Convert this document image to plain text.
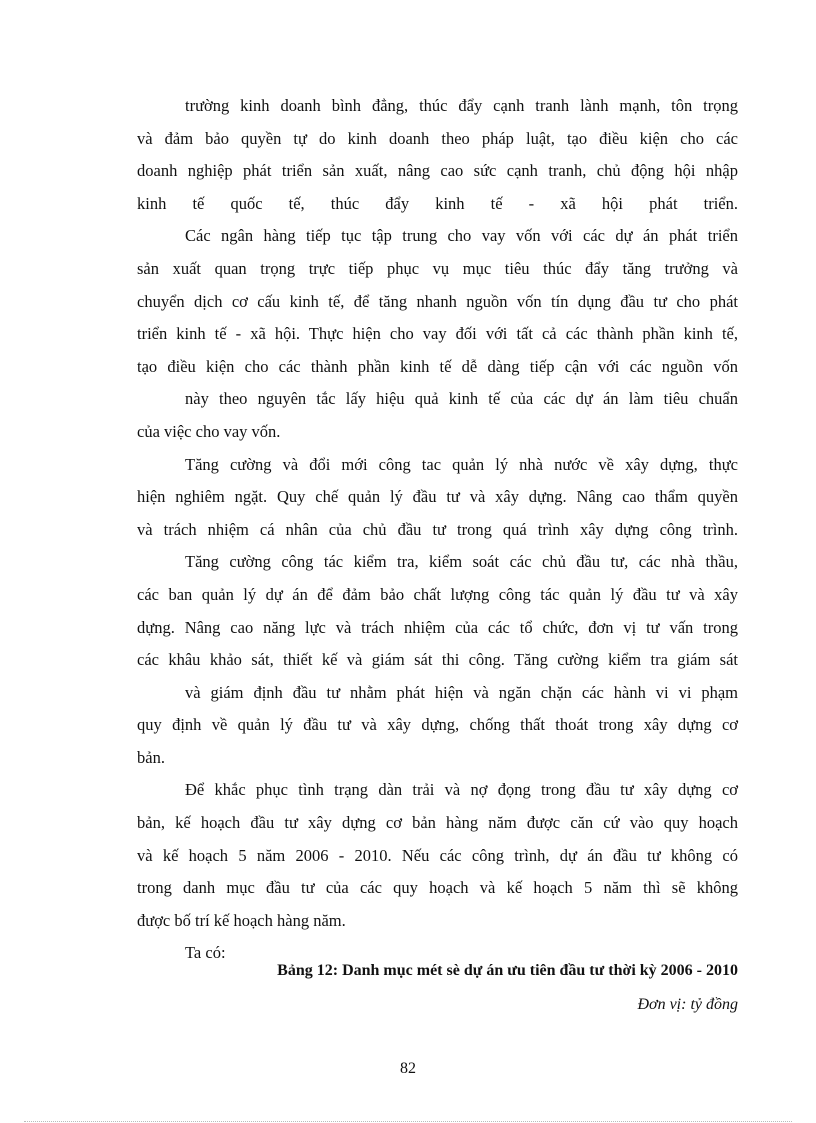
trường kinh doanh bình đẳng, thúc đẩy cạnh tranh lành mạnh, tôn trọng
và đảm bảo quyền tự do kinh doanh theo pháp luật, tạo điều kiện cho các
doanh nghiệp phát triển sản xuất, nâng cao sức cạnh tranh, chủ động hội nhập
kinh tế quốc tế, thúc đẩy kinh tế - xã hội phát triển.
Các ngân hàng tiếp tục tập trung cho vay vốn với các dự án phát triển
sản xuất quan trọng trực tiếp phục vụ mục tiêu thúc đẩy tăng trưởng và
chuyển dịch cơ cấu kinh tế, để tăng nhanh nguồn vốn tín dụng đầu tư cho phát
triển kinh tế - xã hội. Thực hiện cho vay đối với tất cả các thành phần kinh tế,
tạo điều kiện cho các thành phần kinh tế dễ dàng tiếp cận với các nguồn vốn
này theo nguyên tắc lấy hiệu quả kinh tế của các dự án làm tiêu chuẩn
của việc cho vay vốn.
Tăng cường và đổi mới công tac quản lý nhà nước về xây dựng, thực
hiện nghiêm ngặt. Quy chế quản lý đầu tư và xây dựng. Nâng cao thẩm quyền
và trách nhiệm cá nhân của chủ đầu tư trong quá trình xây dựng công trình.
Tăng cường công tác kiểm tra, kiểm soát các chủ đầu tư, các nhà thầu,
các ban quản lý dự án để đảm bảo chất lượng công tác quản lý đầu tư và xây
dựng. Nâng cao năng lực và trách nhiệm của các tổ chức, đơn vị tư vấn trong
các khâu khảo sát, thiết kế và giám sát thi công. Tăng cường kiểm tra giám sát
và giám định đầu tư nhằm phát hiện và ngăn chặn các hành vi vi phạm
quy định về quản lý đầu tư và xây dựng, chống thất thoát trong xây dựng cơ
bản.
Để khắc phục tình trạng dàn trải và nợ đọng trong đầu tư xây dựng cơ
bản, kế hoạch đầu tư xây dựng cơ bản hàng năm được căn cứ vào quy hoạch
và kế hoạch 5 năm 2006 - 2010. Nếu các công trình, dự án đầu tư không có
trong danh mục đầu tư của các quy hoạch và kế hoạch 5 năm thì sẽ không
được bố trí kế hoạch hàng năm.
Ta có:
Bảng 12: Danh mục mét sè dự án ưu tiên đầu tư thời kỳ 2006 - 2010
Đơn vị: tỷ đồng
82
